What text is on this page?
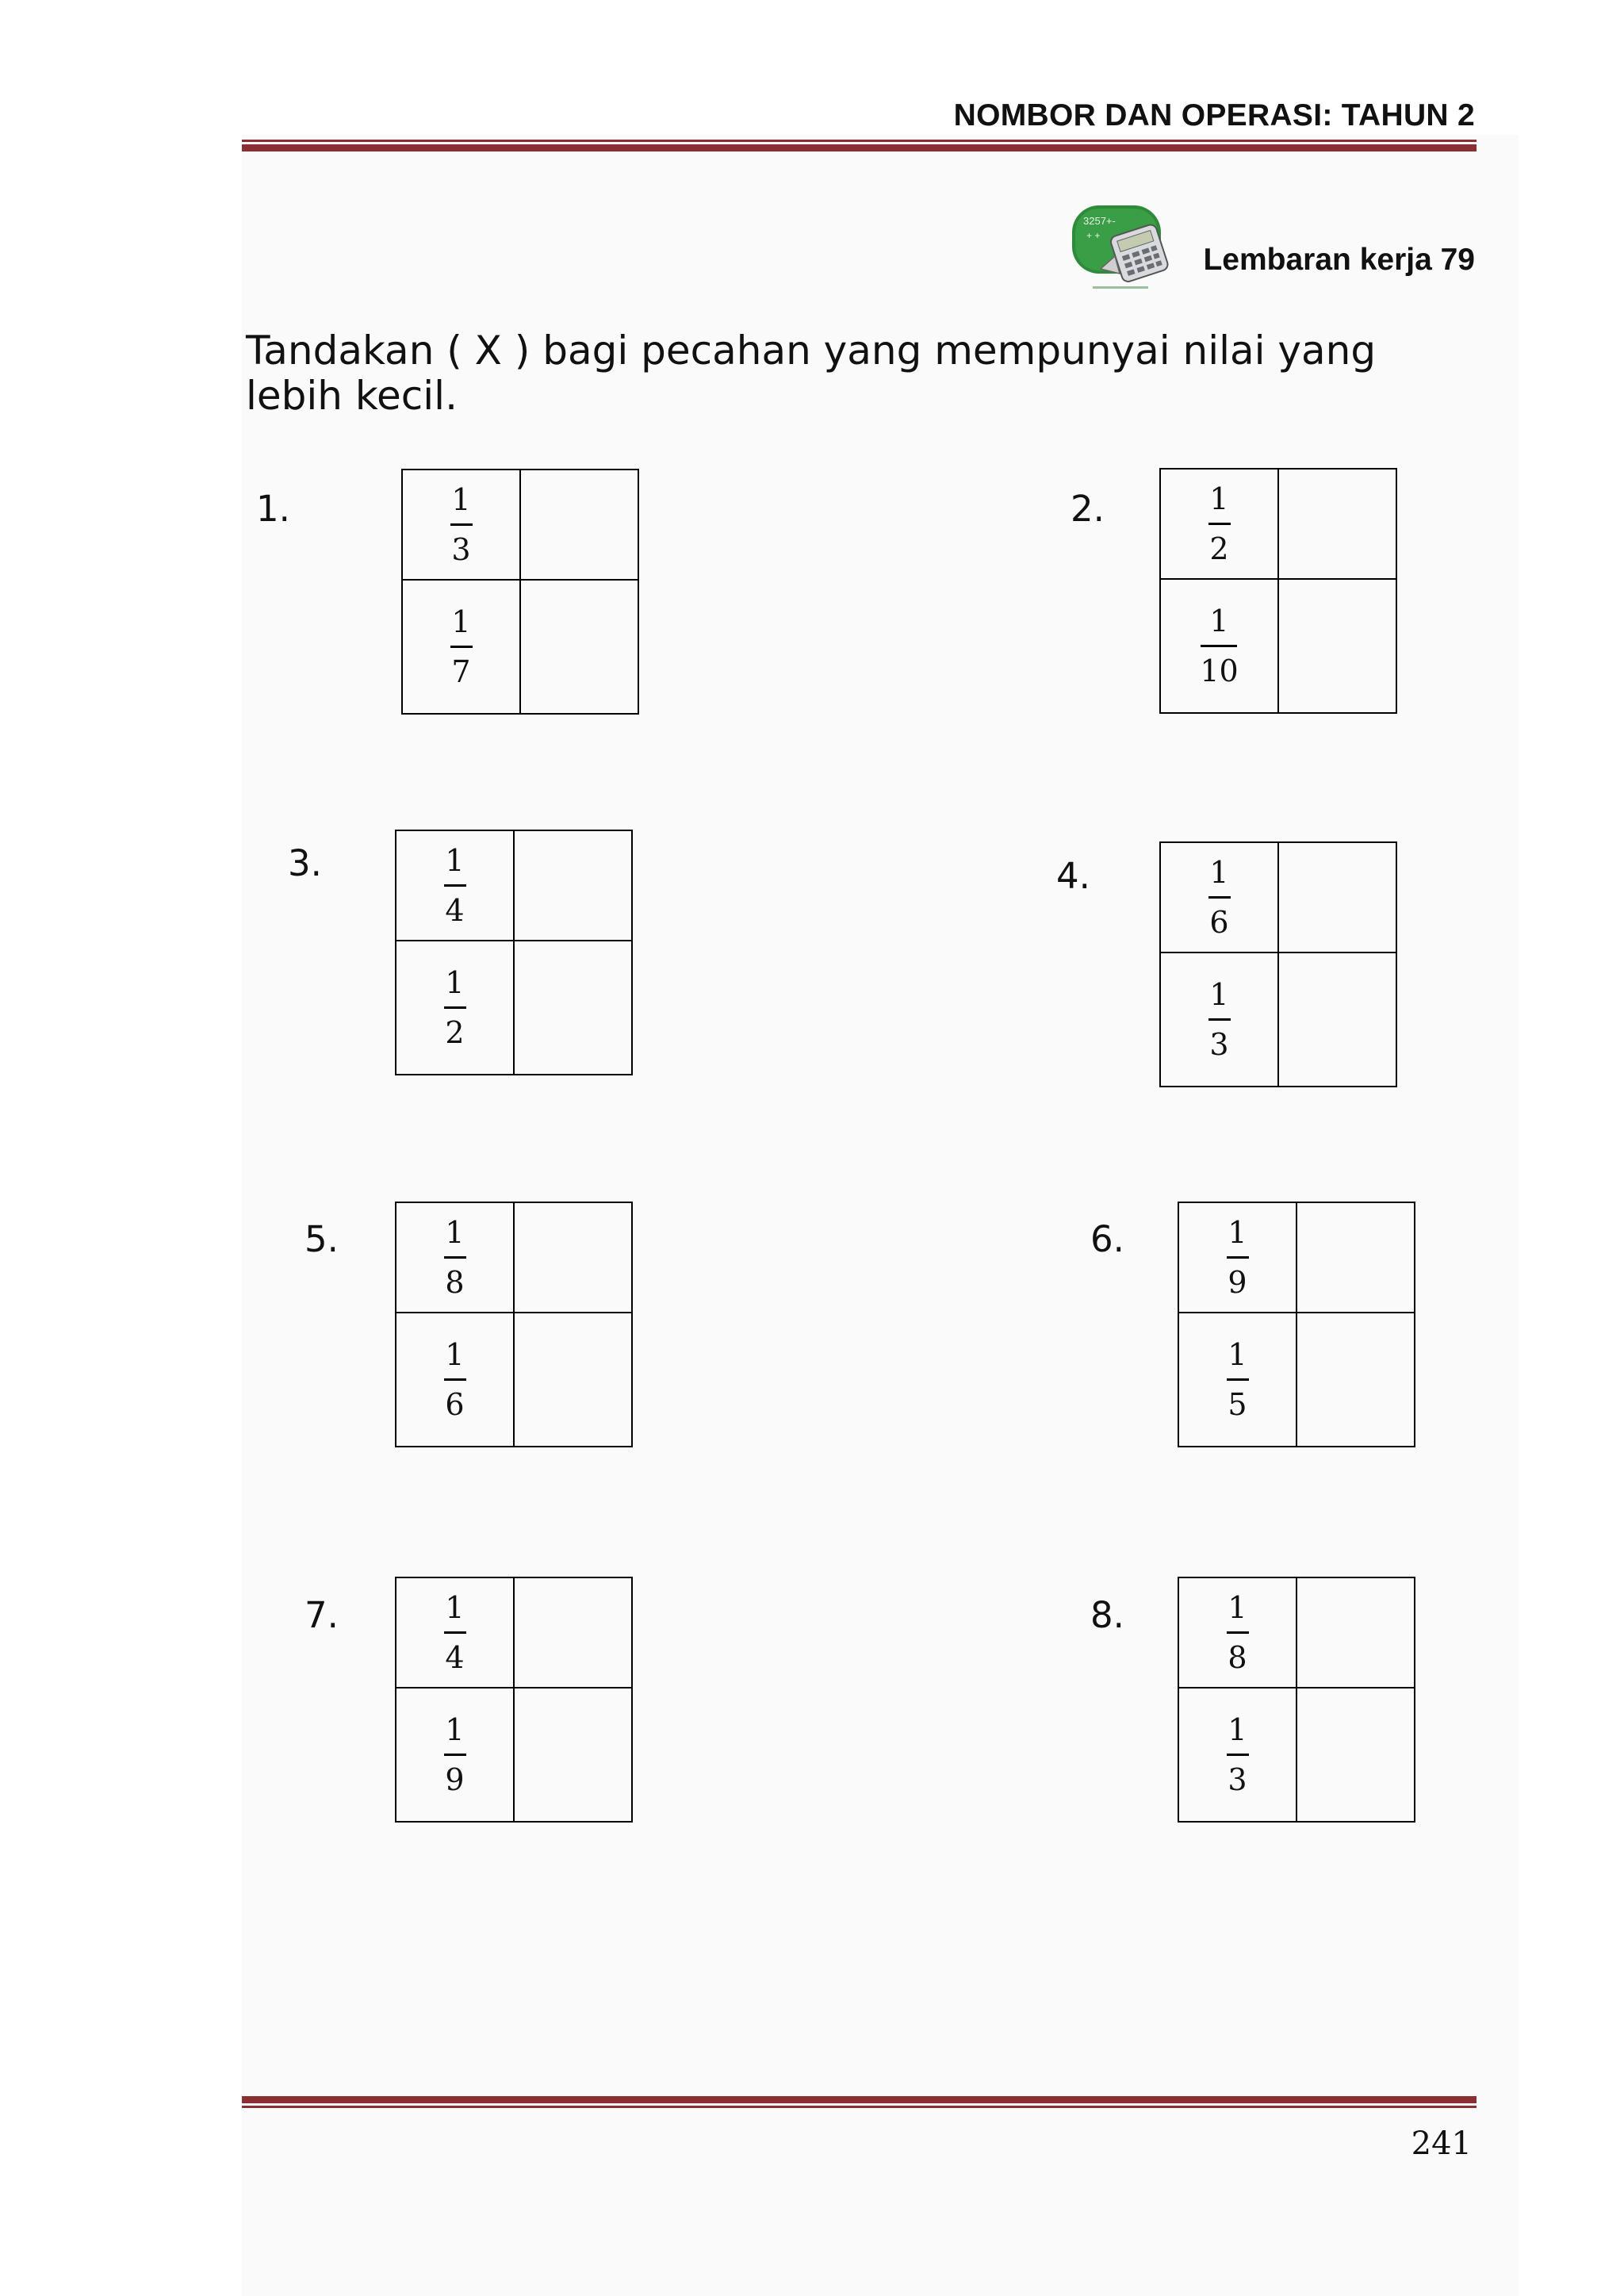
NOMBOR DAN OPERASI: TAHUN 2
3257+-
+ +
Lembaran kerja 79
Tandakan ( X ) bagi pecahan yang mempunyai nilai yang lebih kecil.
1.	$\frac{1}{3}$

$\frac{1}{7}$

2.	$\frac{1}{2}$

$\frac{1}{10}$

3.	$\frac{1}{4}$

$\frac{1}{2}$

4.	$\frac{1}{6}$

$\frac{1}{3}$

5.	$\frac{1}{8}$

$\frac{1}{6}$

6.	$\frac{1}{9}$

$\frac{1}{5}$

7.	$\frac{1}{4}$

$\frac{1}{9}$

8.	$\frac{1}{8}$

$\frac{1}{3}$

241
